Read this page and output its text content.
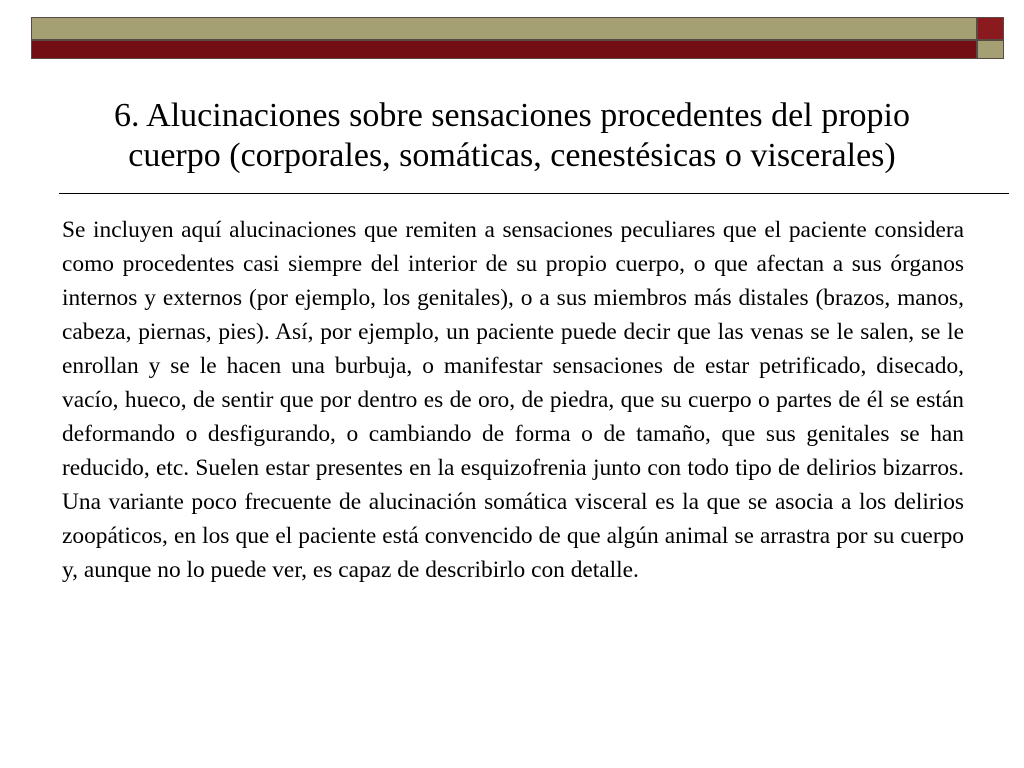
6. Alucinaciones sobre sensaciones procedentes del propio
cuerpo (corporales, somáticas, cenestésicas o viscerales)

Se incluyen aquí alucinaciones que remiten a sensaciones peculiares que el paciente considera como procedentes casi siempre del interior de su propio cuerpo, o que afectan a sus órganos internos y externos (por ejemplo, los genitales), o a sus miembros más distales (brazos, manos, cabeza, piernas, pies). Así, por ejemplo, un paciente puede decir que las venas se le salen, se le enrollan y se le hacen una burbuja, o manifestar sensaciones de estar petrificado, disecado, vacío, hueco, de sentir que por dentro es de oro, de piedra, que su cuerpo o partes de él se están deformando o desfigurando, o cambiando de forma o de tamaño, que sus genitales se han reducido, etc. Suelen estar presentes en la esquizofrenia junto con todo tipo de delirios bizarros. Una variante poco frecuente de alucinación somática visceral es la que se asocia a los delirios zoopáticos, en los que el paciente está convencido de que algún animal se arrastra por su cuerpo y, aunque no lo puede ver, es capaz de describirlo con detalle.
